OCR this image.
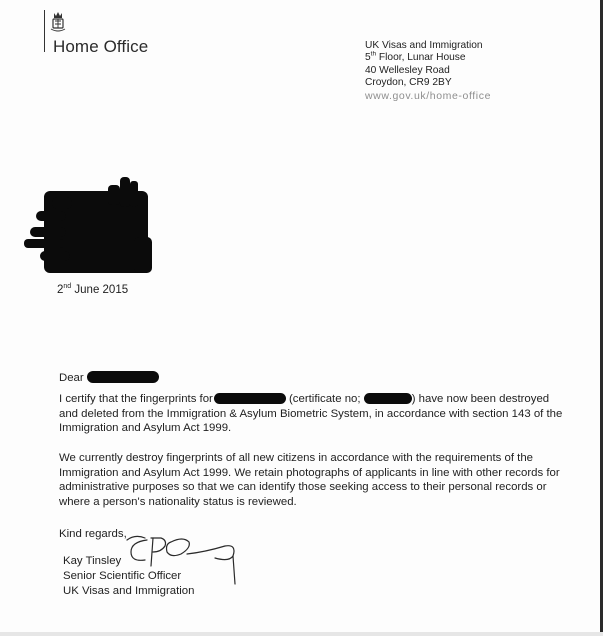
Home Office	UK Visas and Immigration
5th Floor, Lunar House
40 Wellesley Road
Croydon, CR9 2BY
www.gov.uk/home-office
2nd June 2015
Dear
I certify that the fingerprints for	(certificate no;	) have now been destroyed and deleted from the Immigration & Asylum Biometric System, in accordance with section 143 of the Immigration and Asylum Act 1999.
We currently destroy fingerprints of all new citizens in accordance with the requirements of the Immigration and Asylum Act 1999. We retain photographs of applicants in line with other records for administrative purposes so that we can identify those seeking access to their personal records or where a person's nationality status is reviewed.
Kind regards,
Kay Tinsley
Senior Scientific Officer
UK Visas and Immigration
